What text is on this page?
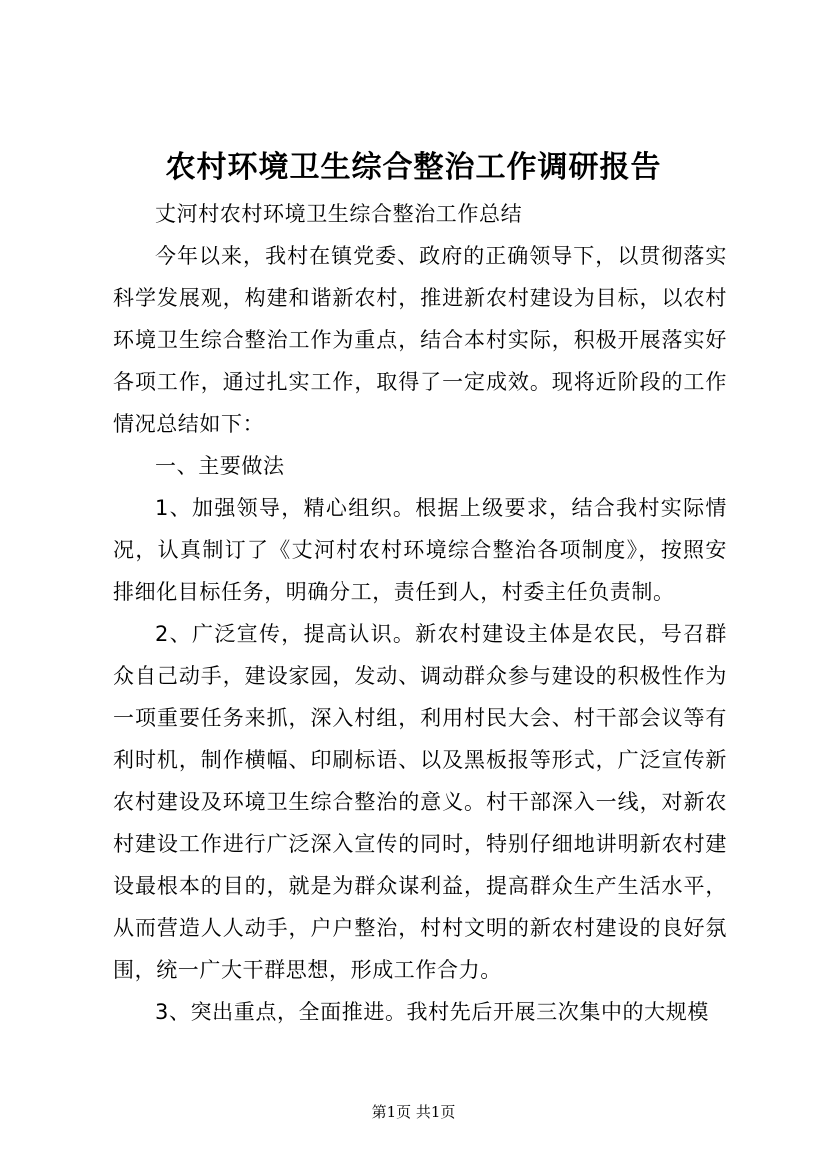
农村环境卫生综合整治工作调研报告

丈河村农村环境卫生综合整治工作总结

今年以来，我村在镇党委、政府的正确领导下，以贯彻落实科学发展观，构建和谐新农村，推进新农村建设为目标，以农村环境卫生综合整治工作为重点，结合本村实际，积极开展落实好各项工作，通过扎实工作，取得了一定成效。现将近阶段的工作情况总结如下：

一、主要做法

1、加强领导，精心组织。根据上级要求，结合我村实际情况，认真制订了《丈河村农村环境综合整治各项制度》，按照安排细化目标任务，明确分工，责任到人，村委主任负责制。

2、广泛宣传，提高认识。新农村建设主体是农民，号召群众自己动手，建设家园，发动、调动群众参与建设的积极性作为一项重要任务来抓，深入村组，利用村民大会、村干部会议等有利时机，制作横幅、印刷标语、以及黑板报等形式，广泛宣传新农村建设及环境卫生综合整治的意义。村干部深入一线，对新农村建设工作进行广泛深入宣传的同时，特别仔细地讲明新农村建设最根本的目的，就是为群众谋利益，提高群众生产生活水平，从而营造人人动手，户户整治，村村文明的新农村建设的良好氛围，统一广大干群思想，形成工作合力。

3、突出重点，全面推进。我村先后开展三次集中的大规模

第1页 共1页
